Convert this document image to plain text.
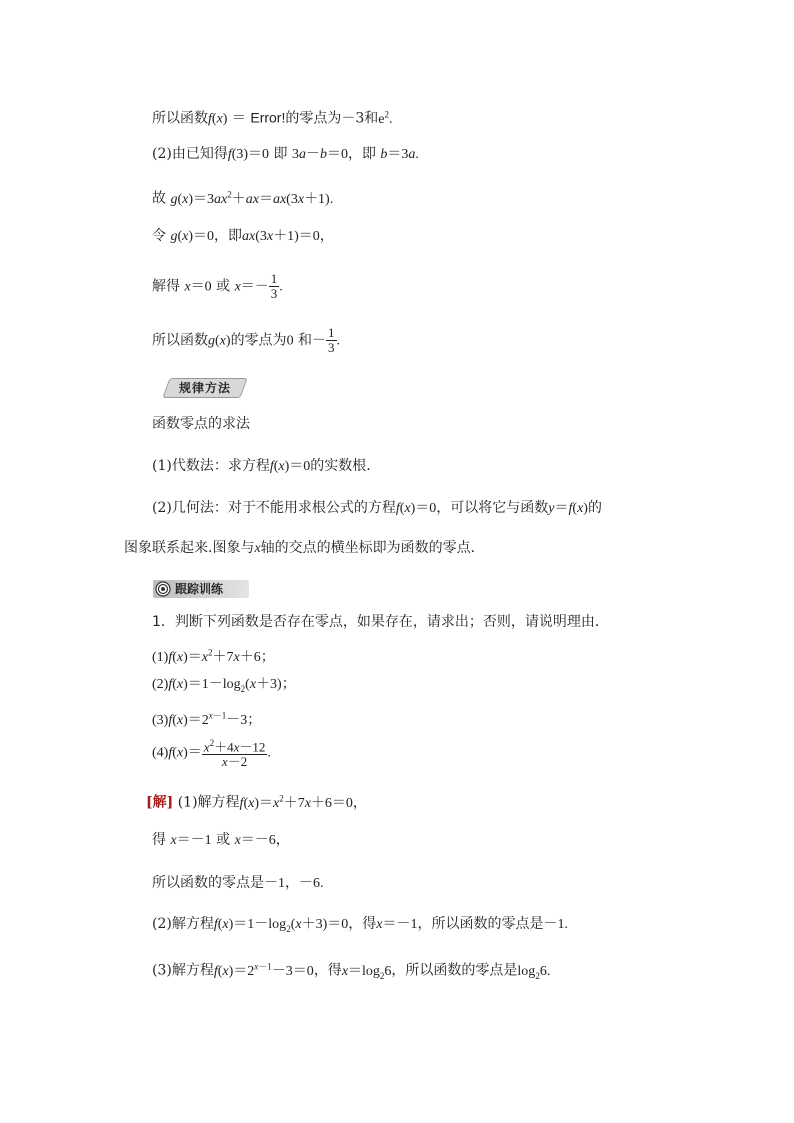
所以函数f(x) ＝ Error!的零点为－3和$e^2$.
(2)由已知得f(3)＝0 即 3a－b＝0，即 b＝3a.
故 $g(x)=3ax^2+ax=ax(3x+1)$.
令 g(x)＝0，即ax(3x＋1)＝0，
解得 x＝0 或 $x=- \frac{1}{3}$ .
所以函数g(x)的零点为0 和－ $\frac{1}{3}$ .
规律方法
函数零点的求法
(1)代数法：求方程f(x)＝0的实数根.
(2)几何法：对于不能用求根公式的方程f(x)＝0，可以将它与函数y＝f(x)的
图象联系起来.图象与x轴的交点的横坐标即为函数的零点.
跟踪训练
1．判断下列函数是否存在零点，如果存在，请求出；否则，请说明理由．
$(1)f(x)=x^2+7x+6$；
$(2)f(x)=1-\log_2(x+3)$；
$(3)f(x)=2^{x-1}-3$；
$(4)f(x)= \frac{x^2+4x-12}{x-2}$ .
[解] (1)解方程$f(x)=x^2+7x+6=0$，
得 x＝－1 或 x＝－6，
所以函数的零点是－1，－6.
(2)解方程$f(x)=1-\log_2(x+3)=0$，得x＝－1，所以函数的零点是－1.
(3)解方程$f(x)=2^{x-1}-3=0$，得$x=\log_26$，所以函数的零点是$\log_26$.
